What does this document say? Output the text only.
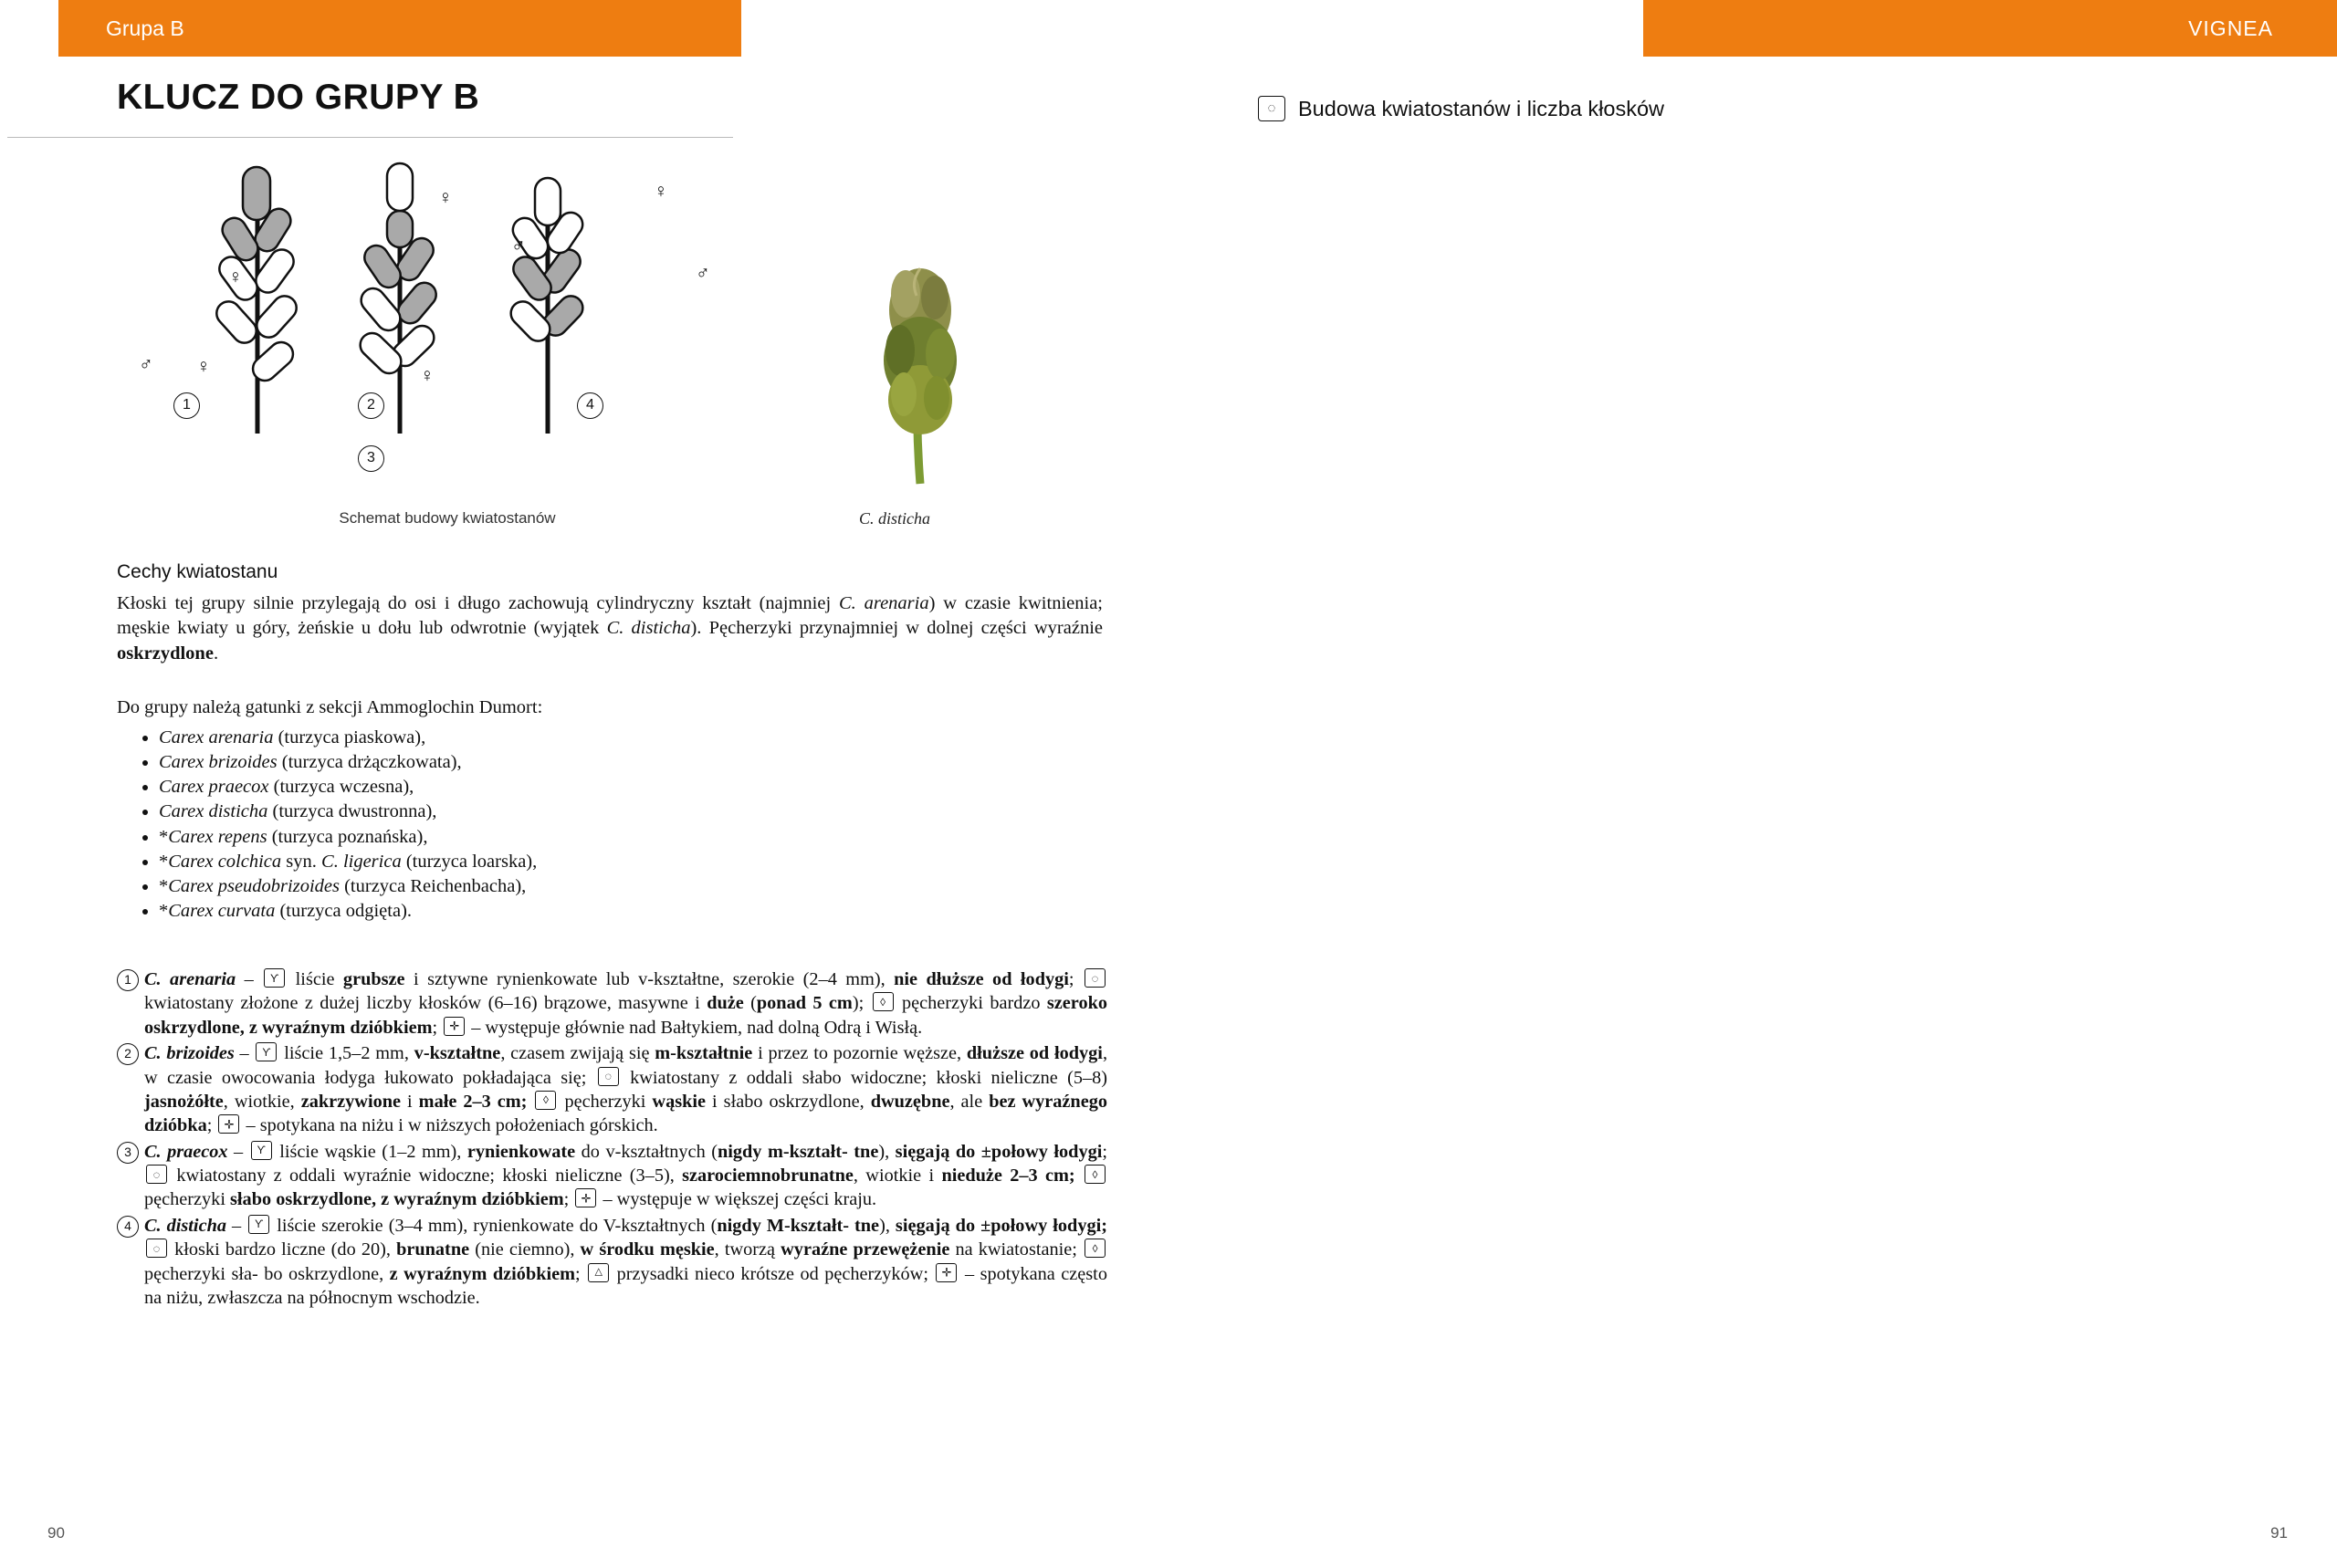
Grupa B
KLUCZ DO GRUPY B
♀
♂ ♀
♀
♂
♀
♀
♂
1	2
3
4
Schemat budowy kwiatostanów	C. disticha
Cechy kwiatostanu
Kłoski tej grupy silnie przylegają do osi i długo zachowują cylindryczny kształt (najmniej C. arenaria) w czasie kwitnienia; męskie kwiaty u góry, żeńskie u dołu lub odwrotnie (wyjątek C. disticha). Pęcherzyki przynajmniej w dolnej części wyraźnie oskrzydlone.
Do grupy należą gatunki z sekcji Ammoglochin Dumort:
• Carex arenaria (turzyca piaskowa),
• Carex brizoides (turzyca drżączkowata),
• Carex praecox (turzyca wczesna),
• Carex disticha (turzyca dwustronna),
• *Carex repens (turzyca poznańska),
• *Carex colchica syn. C. ligerica (turzyca loarska),
• *Carex pseudobrizoides (turzyca Reichenbacha),
• *Carex curvata (turzyca odgięta).
1 C. arenaria – Ƴ liście grubsze i sztywne rynienkowate lub v-kształtne, szerokie (2–4 mm), nie dłuższe od łodygi; ◌ kwiatostany złożone z dużej liczby kłosków (6–16) brązowe, masywne i duże (ponad 5 cm); ◊ pęcherzyki bardzo szeroko oskrzydlone, z wyraźnym dzióbkiem; ✛ – występuje głównie nad Bałtykiem, nad dolną Odrą i Wisłą.
2 C. brizoides – Ƴ liście 1,5–2 mm, v-kształtne, czasem zwijają się m-kształtnie i przez to pozornie węższe, dłuższe od łodygi, w czasie owocowania łodyga łukowato pokładająca się; ◌ kwiatostany z oddali słabo widoczne; kłoski nieliczne (5–8) jasnożółte, wiotkie, zakrzywione i małe 2–3 cm; ◊ pęcherzyki wąskie i słabo oskrzydlone, dwuzębne, ale bez wyraźnego dzióbka; ✛ – spotykana na niżu i w niższych położeniach górskich.
3 C. praecox – Ƴ liście wąskie (1–2 mm), rynienkowate do v-kształtnych (nigdy m-kształt- tne), sięgają do ±połowy łodygi; ◌ kwiatostany z oddali wyraźnie widoczne; kłoski nieliczne (3–5), szarociemnobrunatne, wiotkie i nieduże 2–3 cm; ◊ pęcherzyki słabo oskrzydlone, z wyraźnym dzióbkiem; ✛ – występuje w większej części kraju.
4 C. disticha – Ƴ liście szerokie (3–4 mm), rynienkowate do V-kształtnych (nigdy M-kształt- tne), sięgają do ±połowy łodygi; ◌ kłoski bardzo liczne (do 20), brunatne (nie ciemno), w środku męskie, tworzą wyraźne przewężenie na kwiatostanie; ◊ pęcherzyki sła- bo oskrzydlone, z wyraźnym dzióbkiem; △ przysadki nieco krótsze od pęcherzyków; ✛ – spotykana często na niżu, zwłaszcza na północnym wschodzie.
90
VIGNEA
◌	Budowa kwiatostanów i liczba kłosków
91
